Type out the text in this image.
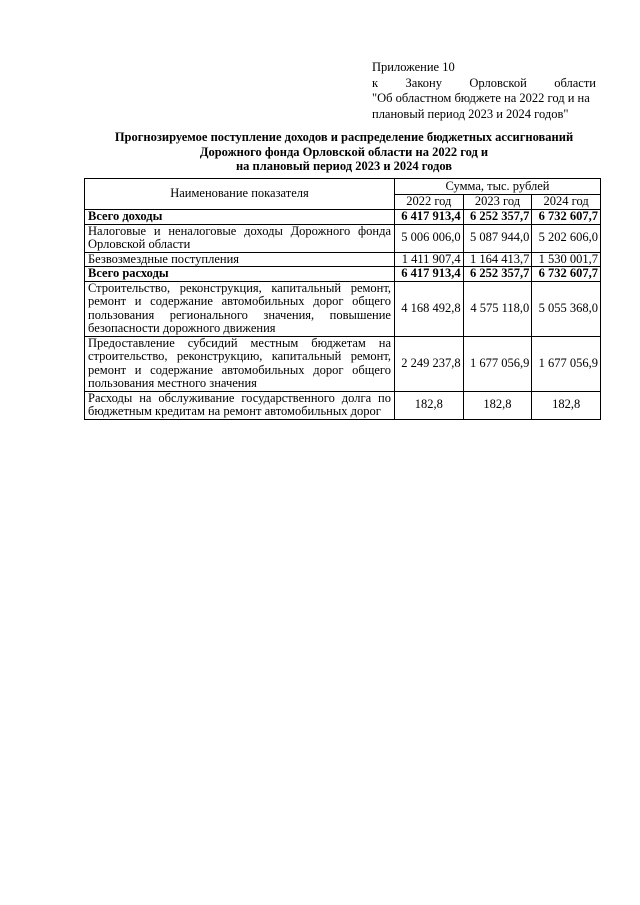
Приложение 10
к Закону Орловской области
"Об областном бюджете на 2022 год и на
плановый период 2023 и 2024 годов"
Прогнозируемое поступление доходов и распределение бюджетных ассигнований
Дорожного фонда Орловской области на 2022 год и
на плановый период 2023 и 2024 годов
Наименование показателя	Сумма, тыс. рублей		
	2022 год	2023 год	2024 год
Всего доходы	6 417 913,4	6 252 357,7	6 732 607,7
Налоговые и неналоговые доходы Дорожного фонда Орловской области	5 006 006,0	5 087 944,0	5 202 606,0
Безвозмездные поступления	1 411 907,4	1 164 413,7	1 530 001,7
Всего расходы	6 417 913,4	6 252 357,7	6 732 607,7
Строительство, реконструкция, капитальный ремонт, ремонт и содержание автомобильных дорог общего пользования регионального значения, повышение безопасности дорожного движения	4 168 492,8	4 575 118,0	5 055 368,0
Предоставление субсидий местным бюджетам на строительство, реконструкцию, капитальный ремонт, ремонт и содержание автомобильных дорог общего пользования местного значения	2 249 237,8	1 677 056,9	1 677 056,9
Расходы на обслуживание государственного долга по бюджетным кредитам на ремонт автомобильных дорог	182,8	182,8	182,8
